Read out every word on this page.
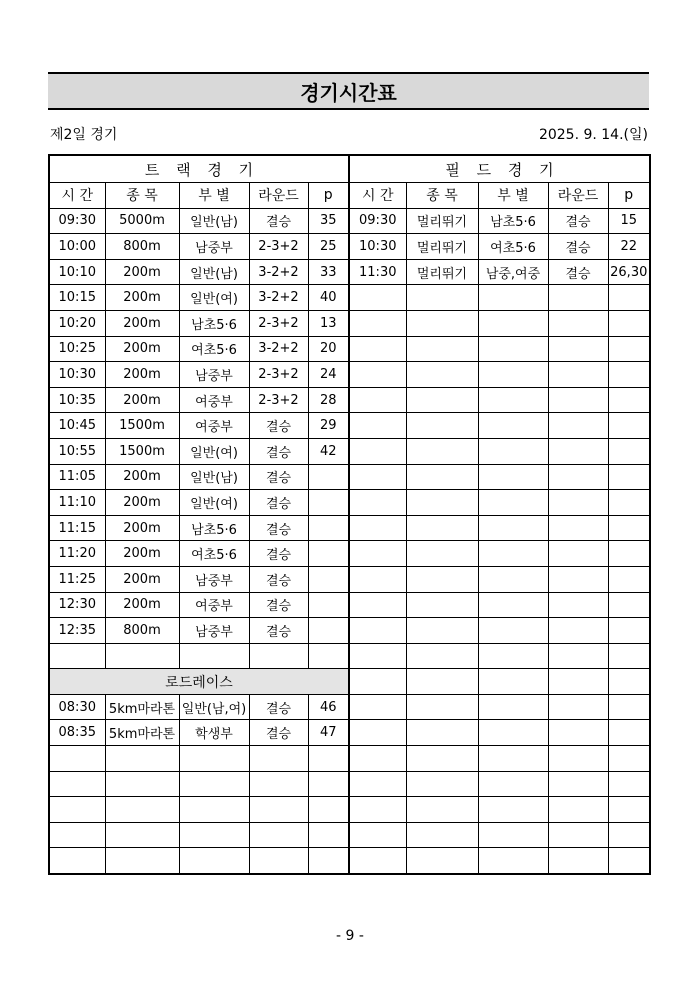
경기시간표
제2일 경기	2025. 9. 14.(일)
트 랙 경 기					필 드 경 기				
시 간	종 목	부 별	라운드	p	시 간	종 목	부 별	라운드	p
09:30	5000m	일반(남)	결승	35	09:30	멀리뛰기	남초5·6	결승	15
10:00	800m	남중부	2-3+2	25	10:30	멀리뛰기	여초5·6	결승	22
10:10	200m	일반(남)	3-2+2	33	11:30	멀리뛰기	남중,여중	결승	26,30
10:15	200m	일반(여)	3-2+2	40					
10:20	200m	남초5·6	2-3+2	13					
10:25	200m	여초5·6	3-2+2	20					
10:30	200m	남중부	2-3+2	24					
10:35	200m	여중부	2-3+2	28					
10:45	1500m	여중부	결승	29					
10:55	1500m	일반(여)	결승	42					
11:05	200m	일반(남)	결승						
11:10	200m	일반(여)	결승						
11:15	200m	남초5·6	결승						
11:20	200m	여초5·6	결승						
11:25	200m	남중부	결승						
12:30	200m	여중부	결승						
12:35	800m	남중부	결승						

로드레이스									
08:30	5km마라톤	일반(남,여)	결승	46					
08:35	5km마라톤	학생부	결승	47					

- 9 -
